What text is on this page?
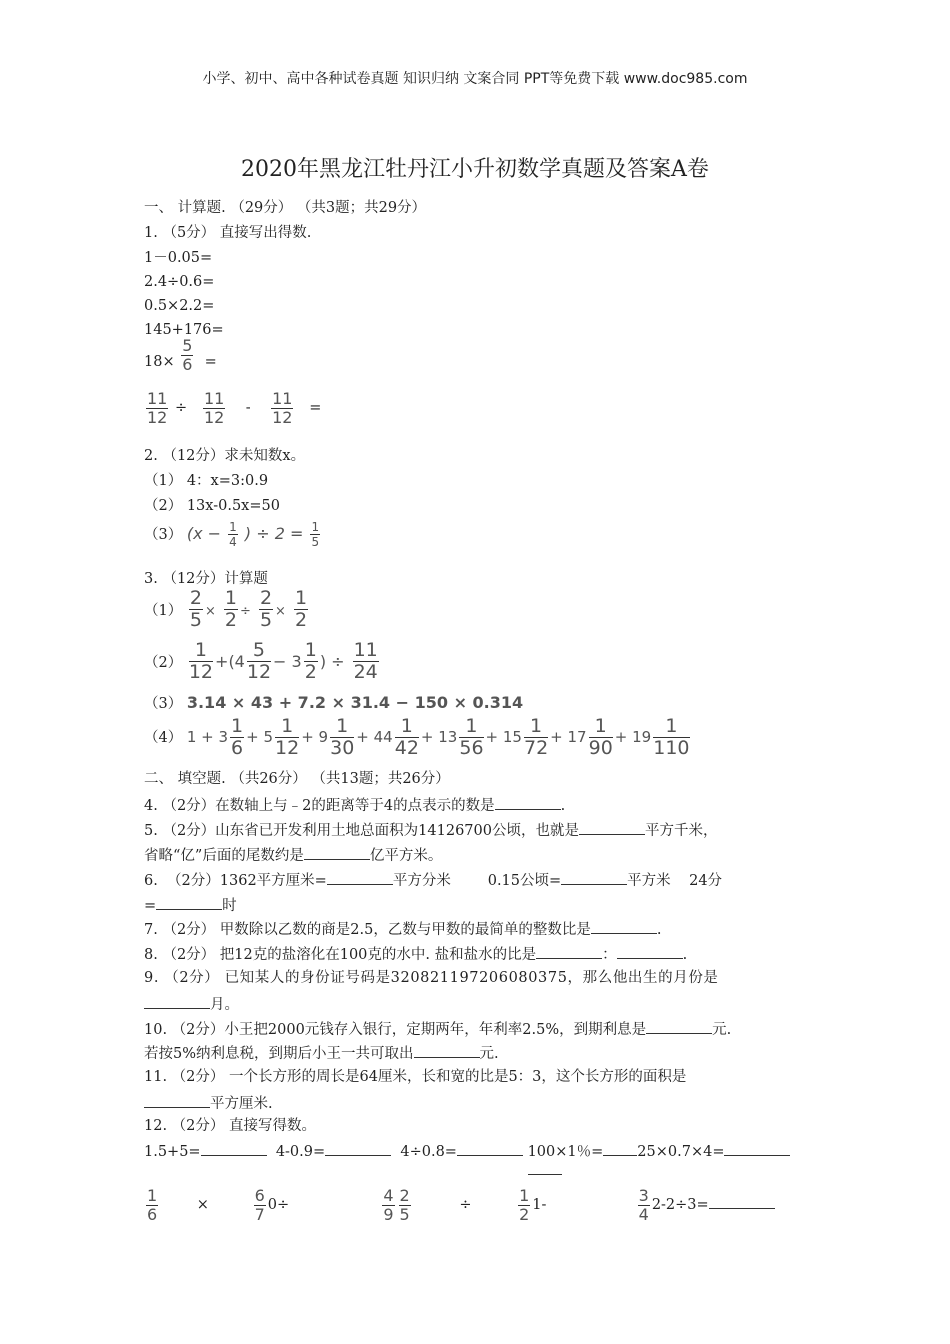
小学、初中、高中各种试卷真题 知识归纳 文案合同 PPT等免费下载 www.doc985.com
2020年黑龙江牡丹江小升初数学真题及答案A卷
一、 计算题. （29分） （共3题；共29分）
1. （5分） 直接写出得数.
1－0.05=
2.4÷0.6=
0.5×2.2=
145+176=
$18\times \frac{5}{6}$ =
$\frac{11}{12} \div \frac{11}{12} - \frac{11}{12}$ =
2. （12分）求未知数x。
（1） 4：x=3:0.9
（2） 13x-0.5x=50
（3） ($x - \frac{1}{4}$ ) ÷ $2 = \frac{1}{5}$
3. （12分）计算题
$(1) \frac{2}{5} \times \frac{1}{2} \div \frac{2}{5} \times \frac{1}{2}$
$(2) \frac{1}{12} +(4 \frac{5}{12} - 3 \frac{1}{2}$ ) ÷ $\frac{11}{24}$
（3） 3.14 × 43 + 7.2 × 31.4 − 150 × 0.314
（4） $1 + 3 \frac{1}{6} + 5 \frac{1}{12} + 9 \frac{1}{30} + 44 \frac{1}{42} + 13 \frac{1}{56} + 15 \frac{1}{72} + 17 \frac{1}{90} + 19 \frac{1}{110}$
二、 填空题. （共26分） （共13题；共26分）
4. （2分）在数轴上与﹣2的距离等于4的点表示的数是	.
5. （2分）山东省已开发利用土地总面积为14126700公顷，也就是	平方千米，
省略“亿”后面的尾数约是	亿平方米。
6.  （2分）1362平方厘米=	平方分米        0.15公顷=	平方米    24分
=	时
7. （2分） 甲数除以乙数的商是2.5，乙数与甲数的最简单的整数比是	.
8. （2分） 把12克的盐溶化在100克的水中. 盐和盐水的比是	：	.
9. （2分） 已知某人的身份证号码是320821197206080375，那么他出生的月份是
月。
10. （2分）小王把2000元钱存入银行，定期两年，年利率2.5%，到期利息是	元.
若按5%纳利息税，到期后小王一共可取出	元.
11. （2分） 一个长方形的周长是64厘米，长和宽的比是5：3，这个长方形的面积是
平方厘米.
12. （2分） 直接写得数。
1.5+5=	4-0.9=	4÷0.8=	100×1％= 25×0.7×4=
$\frac{1}{6}$	×	$\frac{6}{7} 0\div$	$\frac{4}{9} \frac{2}{5}$	÷	$\frac{1}{2} 1-$	$\frac{3}{4} 2-2\div 3=$
